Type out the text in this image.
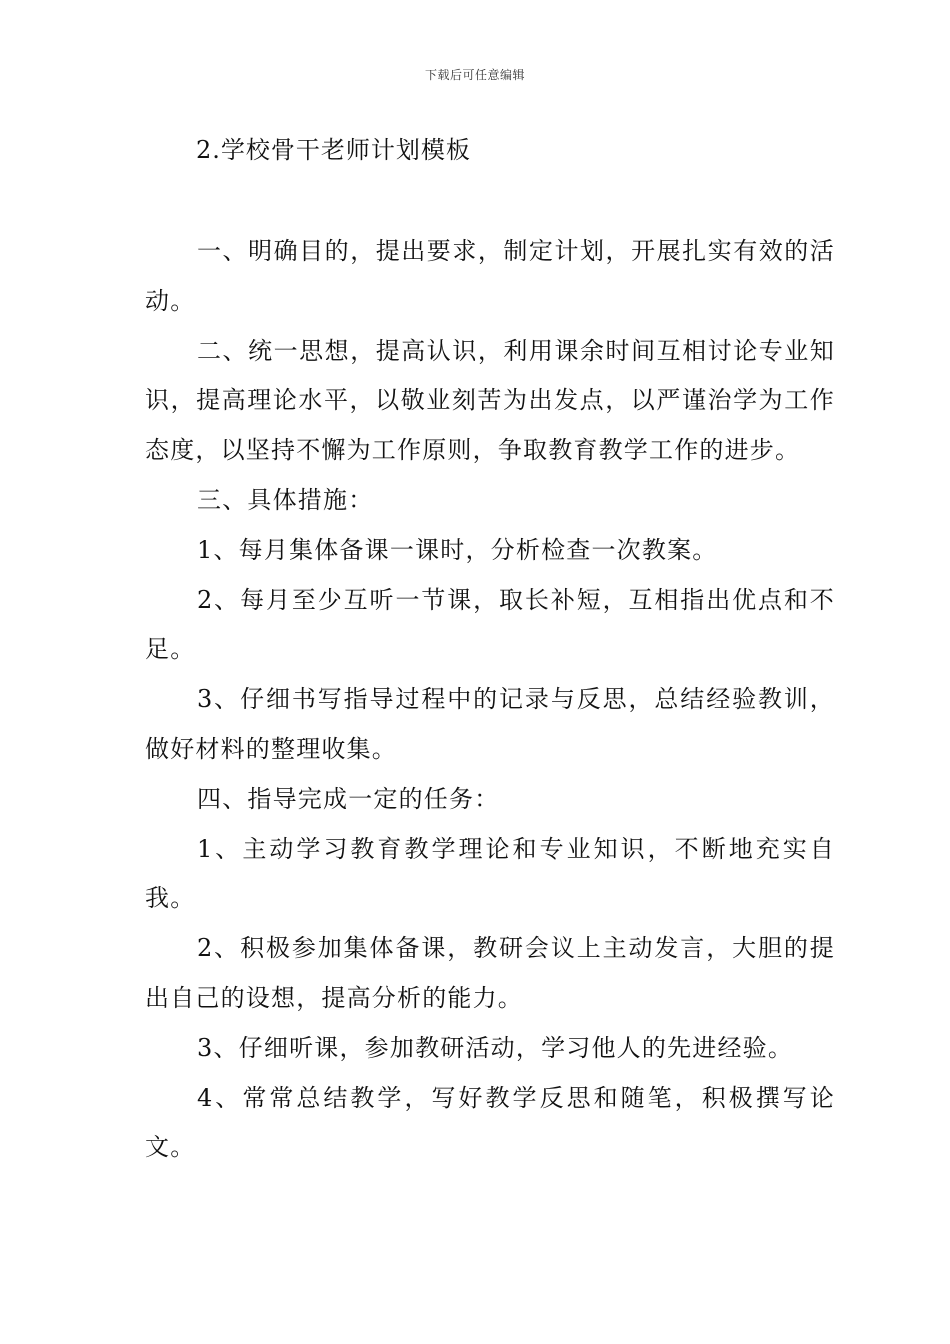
下载后可任意编辑
2.学校骨干老师计划模板

一、明确目的，提出要求，制定计划，开展扎实有效的活动。

二、统一思想，提高认识，利用课余时间互相讨论专业知识，提高理论水平，以敬业刻苦为出发点，以严谨治学为工作态度，以坚持不懈为工作原则，争取教育教学工作的进步。

三、具体措施：

1、每月集体备课一课时，分析检查一次教案。

2、每月至少互听一节课，取长补短，互相指出优点和不足。

3、仔细书写指导过程中的记录与反思，总结经验教训，做好材料的整理收集。

四、指导完成一定的任务：

1、主动学习教育教学理论和专业知识，不断地充实自我。

2、积极参加集体备课，教研会议上主动发言，大胆的提出自己的设想，提高分析的能力。

3、仔细听课，参加教研活动，学习他人的先进经验。

4、常常总结教学，写好教学反思和随笔，积极撰写论文。
